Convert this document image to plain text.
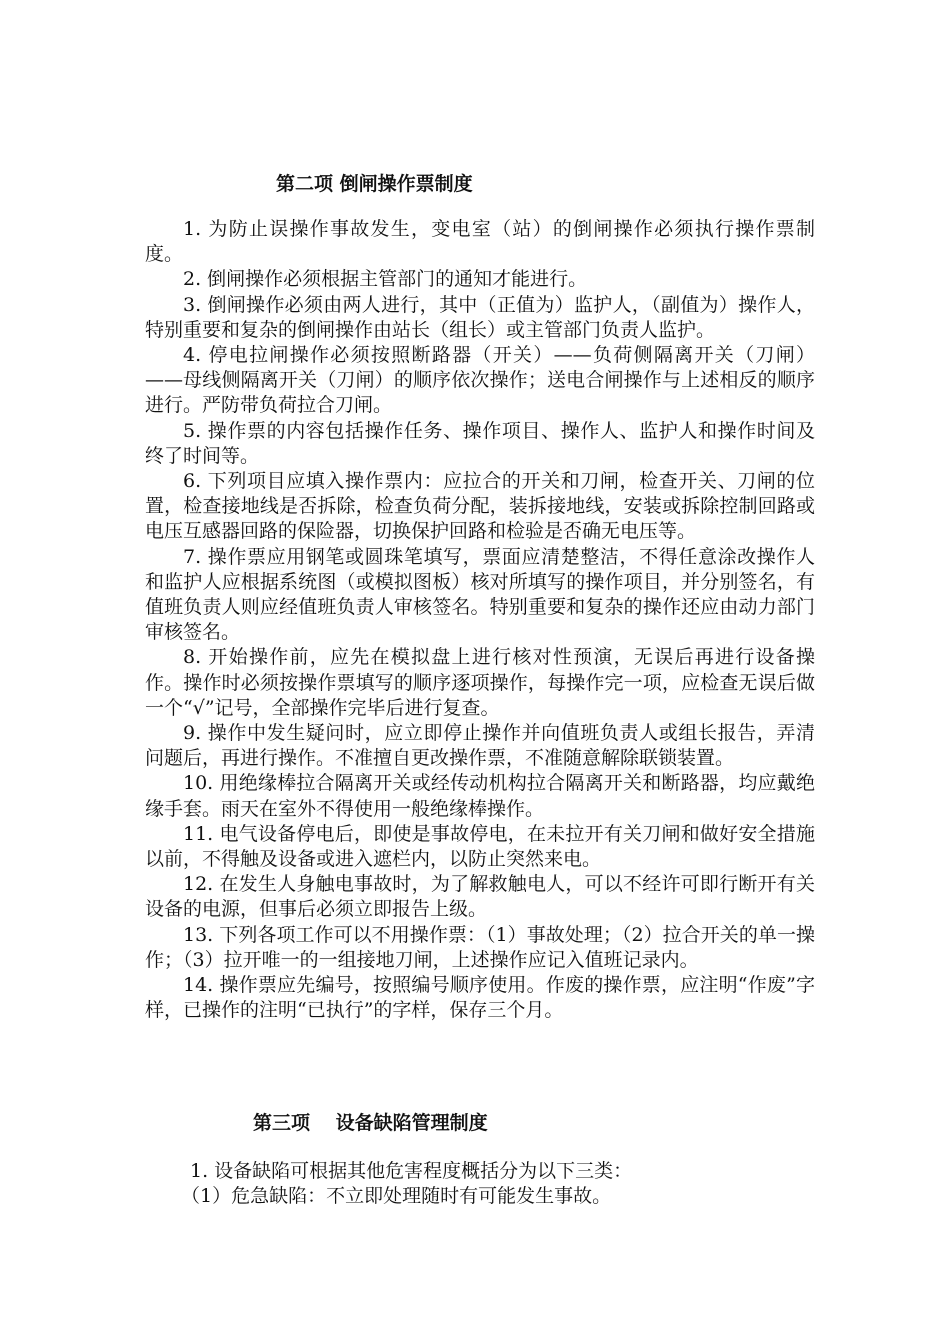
第二项 倒闸操作票制度

1. 为防止误操作事故发生，变电室（站）的倒闸操作必须执行操作票制度。

2. 倒闸操作必须根据主管部门的通知才能进行。

3. 倒闸操作必须由两人进行，其中（正值为）监护人，（副值为）操作人，特别重要和复杂的倒闸操作由站长（组长）或主管部门负责人监护。

4. 停电拉闸操作必须按照断路器（开关）——负荷侧隔离开关（刀闸）——母线侧隔离开关（刀闸）的顺序依次操作；送电合闸操作与上述相反的顺序进行。严防带负荷拉合刀闸。

5. 操作票的内容包括操作任务、操作项目、操作人、监护人和操作时间及终了时间等。

6. 下列项目应填入操作票内：应拉合的开关和刀闸，检查开关、刀闸的位置，检查接地线是否拆除，检查负荷分配，装拆接地线，安装或拆除控制回路或电压互感器回路的保险器，切换保护回路和检验是否确无电压等。

7. 操作票应用钢笔或圆珠笔填写，票面应清楚整洁，不得任意涂改操作人和监护人应根据系统图（或模拟图板）核对所填写的操作项目，并分别签名，有值班负责人则应经值班负责人审核签名。特别重要和复杂的操作还应由动力部门审核签名。

8. 开始操作前，应先在模拟盘上进行核对性预演，无误后再进行设备操作。操作时必须按操作票填写的顺序逐项操作，每操作完一项，应检查无误后做一个“√”记号，全部操作完毕后进行复查。

9. 操作中发生疑问时，应立即停止操作并向值班负责人或组长报告，弄清问题后，再进行操作。不准擅自更改操作票，不准随意解除联锁装置。

10. 用绝缘棒拉合隔离开关或经传动机构拉合隔离开关和断路器，均应戴绝缘手套。雨天在室外不得使用一般绝缘棒操作。

11. 电气设备停电后，即使是事故停电，在未拉开有关刀闸和做好安全措施以前，不得触及设备或进入遮栏内，以防止突然来电。

12. 在发生人身触电事故时，为了解救触电人，可以不经许可即行断开有关设备的电源，但事后必须立即报告上级。

13. 下列各项工作可以不用操作票：（1）事故处理；（2）拉合开关的单一操作；（3）拉开唯一的一组接地刀闸，上述操作应记入值班记录内。

14. 操作票应先编号，按照编号顺序使用。作废的操作票，应注明“作废”字样，已操作的注明“已执行”的字样，保存三个月。

第三项　 设备缺陷管理制度

1. 设备缺陷可根据其他危害程度概括分为以下三类：

（1）危急缺陷：不立即处理随时有可能发生事故。
